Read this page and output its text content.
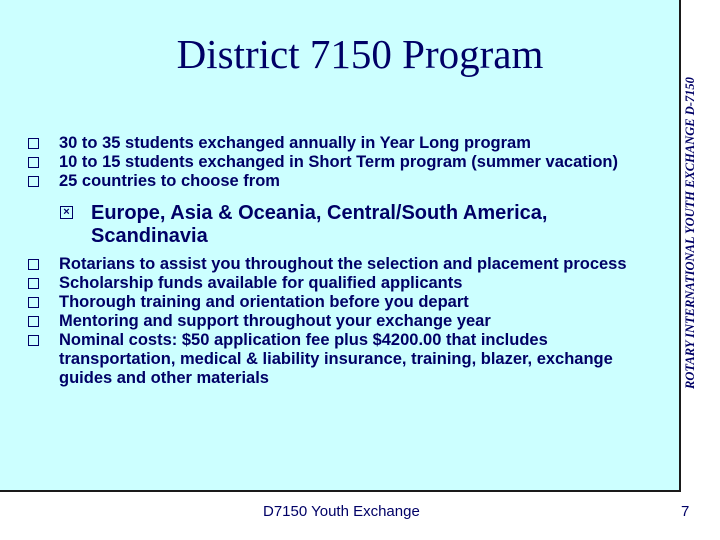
District 7150 Program
ROTARY INTERNATIONAL YOUTH EXCHANGE D-7150
30 to 35 students exchanged annually in Year Long program
10 to 15 students exchanged in Short Term program (summer vacation)
25 countries to choose from
× Europe, Asia & Oceania, Central/South America, Scandinavia
Rotarians to assist you throughout the selection and placement process
Scholarship funds available for qualified applicants
Thorough training and orientation before you depart
Mentoring and support throughout your exchange year
Nominal costs: $50 application fee plus $4200.00 that includes transportation, medical & liability insurance, training, blazer, exchange guides and other materials
D7150 Youth Exchange	7
